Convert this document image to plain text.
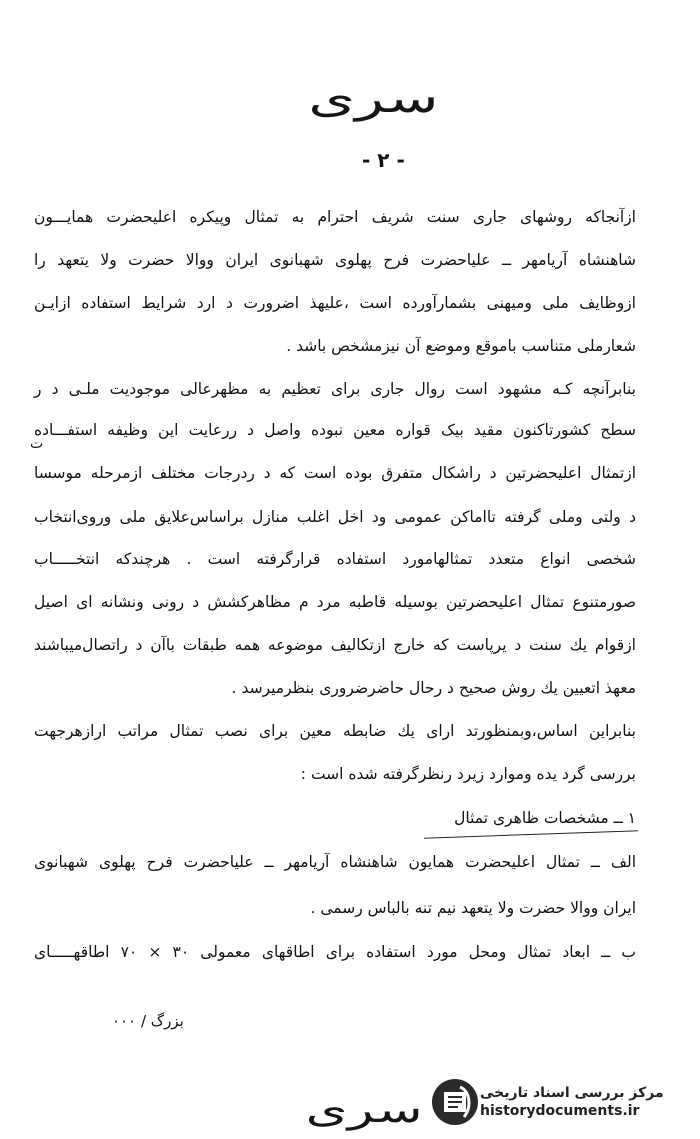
سری
- ٢ -
ازآنجاکه روشهای جاری سنت شریف احترام به تمثال وپیکره اعلیحضرت همایـــون
شاهنشاه آریامهر ــ علیاحضرت فرح پهلوی شهبانوی ایران ووالا حضرت ولا یتعهد را
ازوظایف ملی ومیهنی بشمارآورده است ،علیهذ اضرورت د ارد شرایط استفاده ازایـن
شعارملی متناسب باموقع وموضع آن نیزمشخص باشد .
بنابرآنچه کـه مشهود است روال جاری برای تعظیم به مظهرعالی موجودیت ملـی د ر
سطح کشورتاکنون مقید بیک قواره معین نبوده واصل د ررعایت این وظیفه استفـــاده
ت
ازتمثال اعلیحضرتین د راشکال متفرق بوده است که د ردرجات مختلف ازمرحله موسسا
د ولتی وملی گرفته تااماکن عمومی ود اخل اغلب منازل براساس‌علایق ملی وروی‌انتخاب
شخصی انواع متعدد تمثالهامورد استفاده قرارگرفته است . هرچندکه انتخـــــاب
صورمتنوع تمثال اعلیحضرتین بوسیله قاطبه مرد م مظاهرکشش د رونی ونشانه ای اصیل
ازقوام یك سنت د یرپاست که خارج ازتکالیف موضوعه همه طبقات باآن د راتصال‌میباشند
معهذ اتعیین یك روش صحیح د رحال حاضرضروری بنظرمیرسد .
بنابراین اساس،وبمنظورتد ارای یك ضابطه معین برای نصب تمثال مراتب ارازهرجهت
بررسی گرد یده وموارد زیرد رنظرگرفته شده است :
١ ــ مشخصات ظاهری تمثال
الف ــ تمثال اعلیحضرت همایون شاهنشاه آریامهر ــ علیاحضرت فرح پهلوی شهبانوی
ایران ووالا حضرت ولا یتعهد نیم تنه بالباس رسمی .
ب ــ ابعاد تمثال ومحل مورد استفاده برای اطاقهای معمولی ٣٠ × ٧٠ اطاقهـــــای
بزرگ / ٠٠٠
سری	مرکز بررسی اسناد تاریخی
historydocuments.ir
